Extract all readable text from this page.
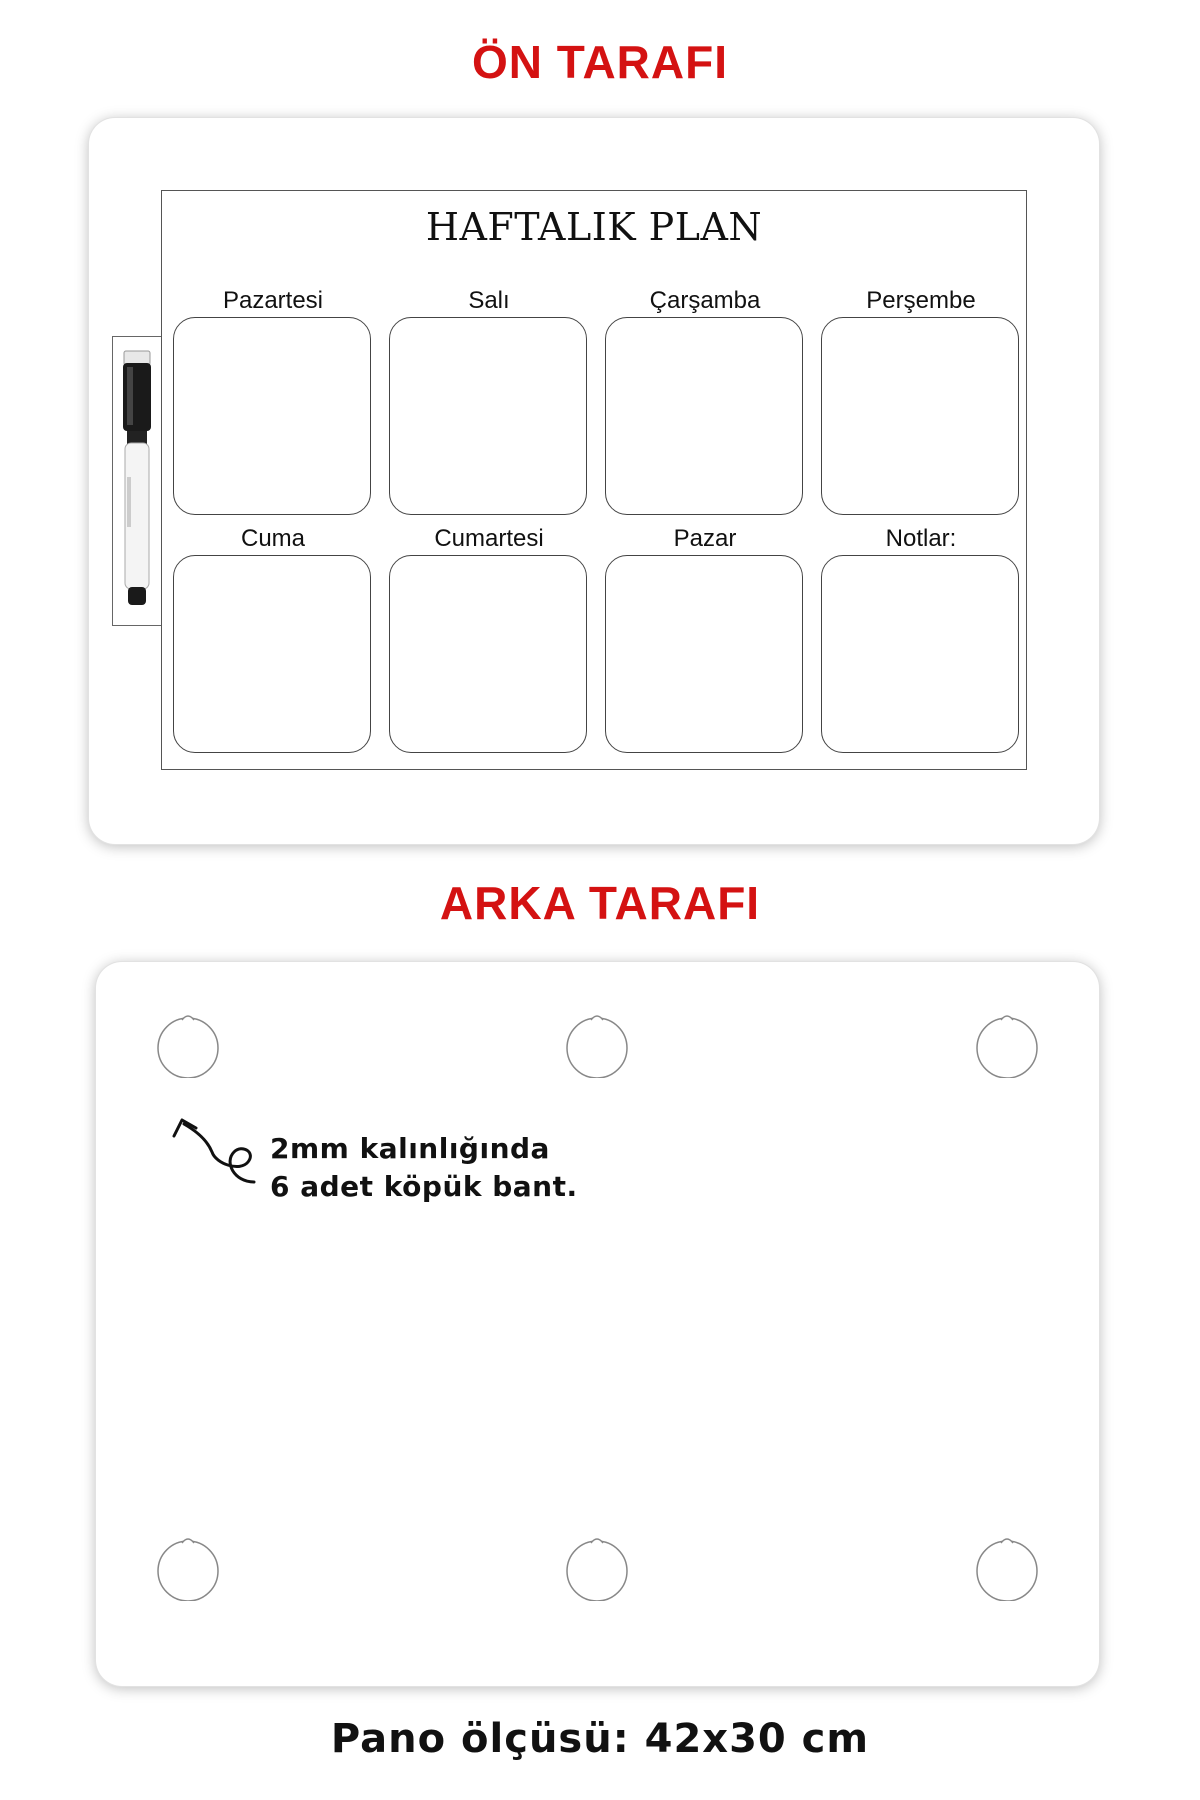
ÖN TARAFI
HAFTALIK PLAN
Pazartesi	Salı	Çarşamba	Perşembe
Cuma	Cumartesi	Pazar	Notlar:
ARKA TARAFI
2mm kalınlığında
6 adet köpük bant.
Pano ölçüsü: 42x30 cm
